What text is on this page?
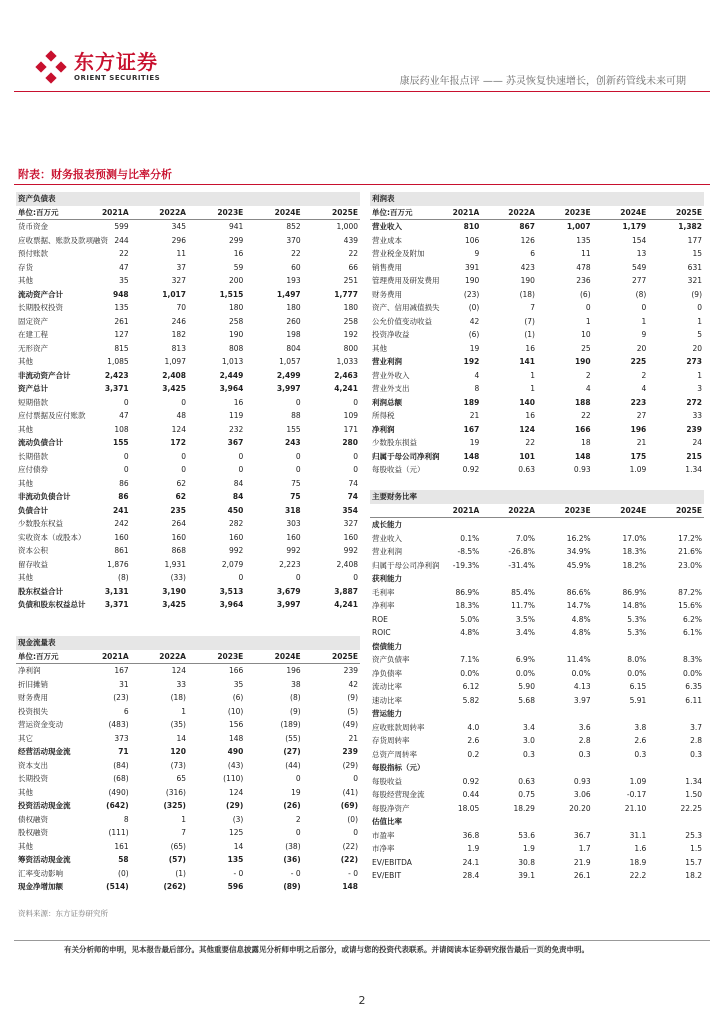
东方证券
ORIENT SECURITIES	康辰药业年报点评 —— 苏灵恢复快速增长，创新药管线未来可期
附表：财务报表预测与比率分析
资产负债表					
单位:百万元	2021A	2022A	2023E	2024E	2025E
货币资金	599	345	941	852	1,000
应收票据、账款及款项融资	244	296	299	370	439
预付账款	22	11	16	22	22
存货	47	37	59	60	66
其他	35	327	200	193	251
流动资产合计	948	1,017	1,515	1,497	1,777
长期股权投资	135	70	180	180	180
固定资产	261	246	258	260	258
在建工程	127	182	190	198	192
无形资产	815	813	808	804	800
其他	1,085	1,097	1,013	1,057	1,033
非流动资产合计	2,423	2,408	2,449	2,499	2,463
资产总计	3,371	3,425	3,964	3,997	4,241
短期借款	0	0	16	0	0
应付票据及应付账款	47	48	119	88	109
其他	108	124	232	155	171
流动负债合计	155	172	367	243	280
长期借款	0	0	0	0	0
应付债券	0	0	0	0	0
其他	86	62	84	75	74
非流动负债合计	86	62	84	75	74
负债合计	241	235	450	318	354
少数股东权益	242	264	282	303	327
实收资本（或股本）	160	160	160	160	160
资本公积	861	868	992	992	992
留存收益	1,876	1,931	2,079	2,223	2,408
其他	(8)	(33)	0	0	0
股东权益合计	3,131	3,190	3,513	3,679	3,887
负债和股东权益总计	3,371	3,425	3,964	3,997	4,241
现金流量表					
单位:百万元	2021A	2022A	2023E	2024E	2025E
净利润	167	124	166	196	239
折旧摊销	31	33	35	38	42
财务费用	(23)	(18)	(6)	(8)	(9)
投资损失	6	1	(10)	(9)	(5)
营运资金变动	(483)	(35)	156	(189)	(49)
其它	373	14	148	(55)	21
经营活动现金流	71	120	490	(27)	239
资本支出	(84)	(73)	(43)	(44)	(29)
长期投资	(68)	65	(110)	0	0
其他	(490)	(316)	124	19	(41)
投资活动现金流	(642)	(325)	(29)	(26)	(69)
债权融资	8	1	(3)	2	(0)
股权融资	(111)	7	125	0	0
其他	161	(65)	14	(38)	(22)
筹资活动现金流	58	(57)	135	(36)	(22)
汇率变动影响	(0)	(1)	- 0	- 0	- 0
现金净增加额	(514)	(262)	596	(89)	148
利润表					
单位:百万元	2021A	2022A	2023E	2024E	2025E
营业收入	810	867	1,007	1,179	1,382
营业成本	106	126	135	154	177
营业税金及附加	9	6	11	13	15
销售费用	391	423	478	549	631
管理费用及研发费用	190	190	236	277	321
财务费用	(23)	(18)	(6)	(8)	(9)
资产、信用减值损失	(0)	7	0	0	0
公允价值变动收益	42	(7)	1	1	1
投资净收益	(6)	(1)	10	9	5
其他	19	16	25	20	20
营业利润	192	141	190	225	273
营业外收入	4	1	2	2	1
营业外支出	8	1	4	4	3
利润总额	189	140	188	223	272
所得税	21	16	22	27	33
净利润	167	124	166	196	239
少数股东损益	19	22	18	21	24
归属于母公司净利润	148	101	148	175	215
每股收益（元）	0.92	0.63	0.93	1.09	1.34

主要财务比率					
	2021A	2022A	2023E	2024E	2025E
成长能力					
营业收入	0.1%	7.0%	16.2%	17.0%	17.2%
营业利润	-8.5%	-26.8%	34.9%	18.3%	21.6%
归属于母公司净利润	-19.3%	-31.4%	45.9%	18.2%	23.0%
获利能力					
毛利率	86.9%	85.4%	86.6%	86.9%	87.2%
净利率	18.3%	11.7%	14.7%	14.8%	15.6%
ROE	5.0%	3.5%	4.8%	5.3%	6.2%
ROIC	4.8%	3.4%	4.8%	5.3%	6.1%
偿债能力					
资产负债率	7.1%	6.9%	11.4%	8.0%	8.3%
净负债率	0.0%	0.0%	0.0%	0.0%	0.0%
流动比率	6.12	5.90	4.13	6.15	6.35
速动比率	5.82	5.68	3.97	5.91	6.11
营运能力					
应收账款周转率	4.0	3.4	3.6	3.8	3.7
存货周转率	2.6	3.0	2.8	2.6	2.8
总资产周转率	0.2	0.3	0.3	0.3	0.3
每股指标（元）					
每股收益	0.92	0.63	0.93	1.09	1.34
每股经营现金流	0.44	0.75	3.06	-0.17	1.50
每股净资产	18.05	18.29	20.20	21.10	22.25
估值比率					
市盈率	36.8	53.6	36.7	31.1	25.3
市净率	1.9	1.9	1.7	1.6	1.5
EV/EBITDA	24.1	30.8	21.9	18.9	15.7
EV/EBIT	28.4	39.1	26.1	22.2	18.2
资料来源：东方证券研究所
有关分析师的申明，见本报告最后部分。其他重要信息披露见分析师申明之后部分，或请与您的投资代表联系。并请阅读本证券研究报告最后一页的免责申明。
2
